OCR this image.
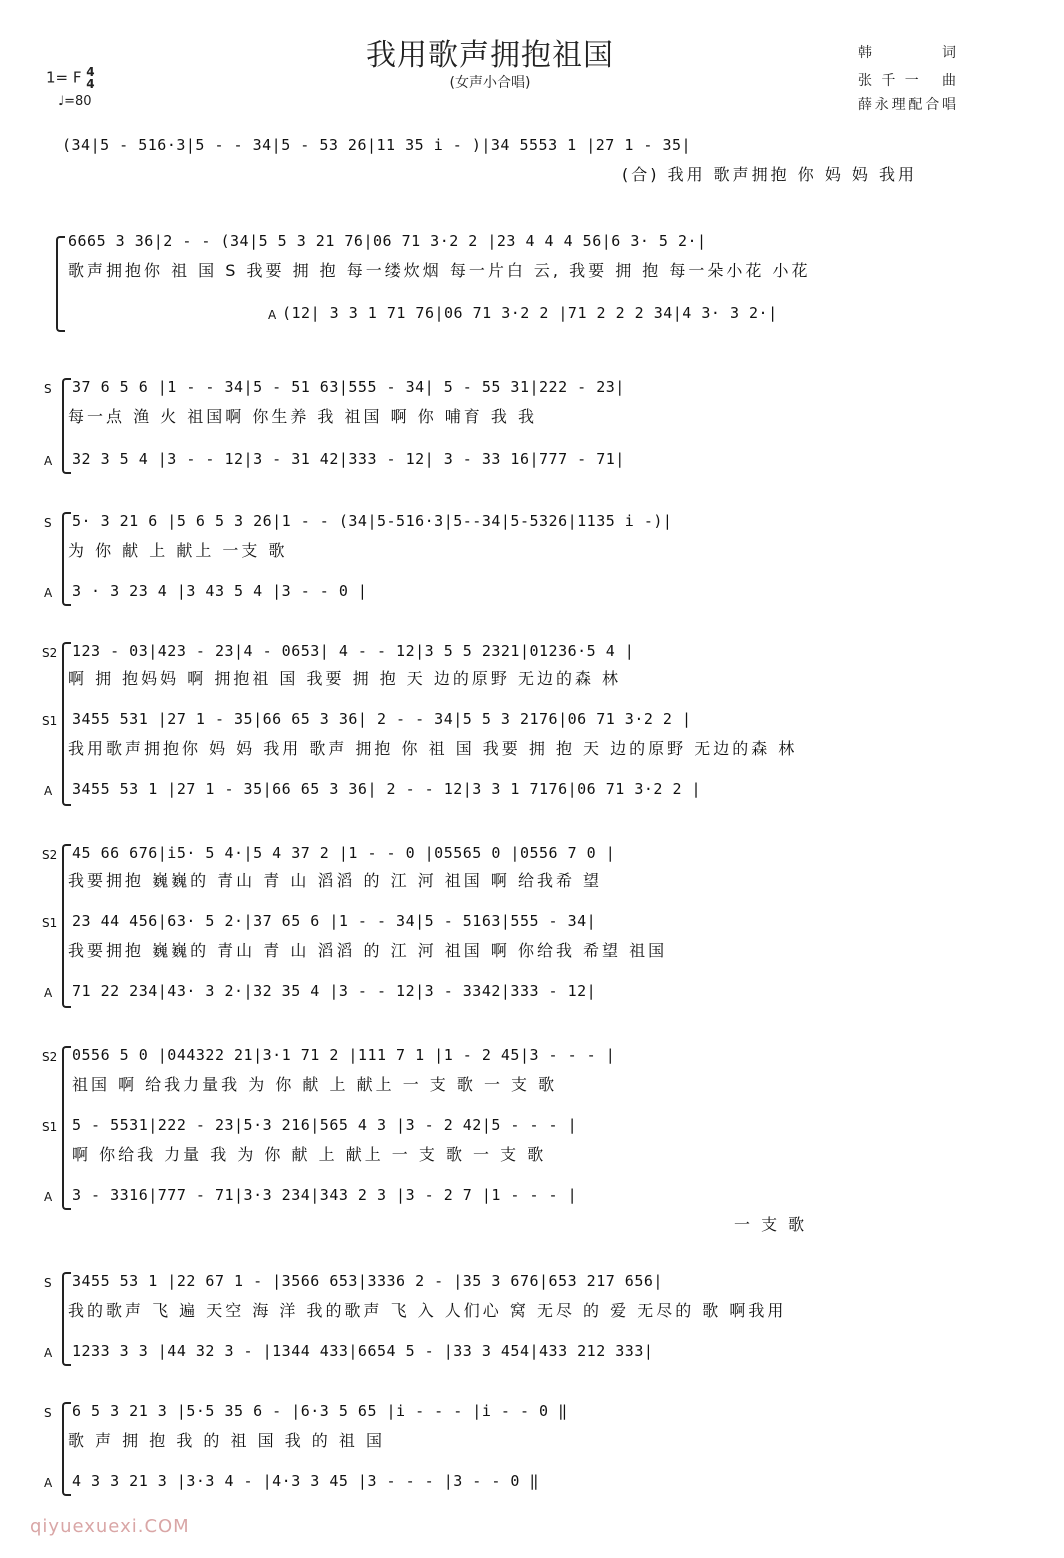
我用歌声拥抱祖国
(女声小合唱)
1= F 4
4
♩=80
韩 词
张千一 曲
薛永理配合唱
(34|5 - 516·3|5 - - 34|5 - 53 26|11 35 i - )|34 5553 1 |27 1 - 35|
(合) 我用 歌声拥抱 你 妈 妈 我用
6665 3 36|2 - - (34|5 5 3 21 76|06 71 3·2 2 |23 4 4 4 56|6 3· 5 2·|
歌声拥抱你 祖 国 S 我要 拥 抱 每一缕炊烟 每一片白 云, 我要 拥 抱 每一朵小花 小花
A (12| 3 3 1 71 76|06 71 3·2 2 |71 2 2 2 34|4 3· 3 2·|
S 37 6 5 6 |1 - - 34|5 - 51 63|555 - 34| 5 - 55 31|222 - 23|
每一点 渔 火 祖国啊 你生养 我 祖国 啊 你 哺育 我 我
A 32 3 5 4 |3 - - 12|3 - 31 42|333 - 12| 3 - 33 16|777 - 71|
S 5· 3 21 6 |5 6 5 3 26|1 - - (34|5-516·3|5--34|5-5326|1135 i -)|
为 你 献 上 献上 一支 歌
A 3 · 3 23 4 |3 43 5 4 |3 - - 0 |
S2 123 - 03|423 - 23|4 - 0653| 4 - - 12|3 5 5 2321|01236·5 4 |
啊 拥 抱妈妈 啊 拥抱祖 国 我要 拥 抱 天 边的原野 无边的森 林
S1 3455 531 |27 1 - 35|66 65 3 36| 2 - - 34|5 5 3 2176|06 71 3·2 2 |
我用歌声拥抱你 妈 妈 我用 歌声 拥抱 你 祖 国 我要 拥 抱 天 边的原野 无边的森 林
A 3455 53 1 |27 1 - 35|66 65 3 36| 2 - - 12|3 3 1 7176|06 71 3·2 2 |
S2 45 66 676|i5· 5 4·|5 4 37 2 |1 - - 0 |05565 0 |0556 7 0 |
我要拥抱 巍巍的 青山 青 山 滔滔 的 江 河 祖国 啊 给我希 望
S1 23 44 456|63· 5 2·|37 65 6 |1 - - 34|5 - 5163|555 - 34|
我要拥抱 巍巍的 青山 青 山 滔滔 的 江 河 祖国 啊 你给我 希望 祖国
A 71 22 234|43· 3 2·|32 35 4 |3 - - 12|3 - 3342|333 - 12|
S2 0556 5 0 |044322 21|3·1 71 2 |111 7 1 |1 - 2 45|3 - - - |
祖国 啊 给我力量我 为 你 献 上 献上 一 支 歌 一 支 歌
S1 5 - 5531|222 - 23|5·3 216|565 4 3 |3 - 2 42|5 - - - |
啊 你给我 力量 我 为 你 献 上 献上 一 支 歌 一 支 歌
A 3 - 3316|777 - 71|3·3 234|343 2 3 |3 - 2 7 |1 - - - |
一 支 歌
S 3455 53 1 |22 67 1 - |3566 653|3336 2 - |35 3 676|653 217 656|
我的歌声 飞 遍 天空 海 洋 我的歌声 飞 入 人们心 窝 无尽 的 爱 无尽的 歌 啊我用
A 1233 3 3 |44 32 3 - |1344 433|6654 5 - |33 3 454|433 212 333|
S 6 5 3 21 3 |5·5 35 6 - |6·3 5 65 |i - - - |i - - 0 ‖
歌 声 拥 抱 我 的 祖 国 我 的 祖 国
A 4 3 3 21 3 |3·3 4 - |4·3 3 45 |3 - - - |3 - - 0 ‖
qiyuexuexi.COM
